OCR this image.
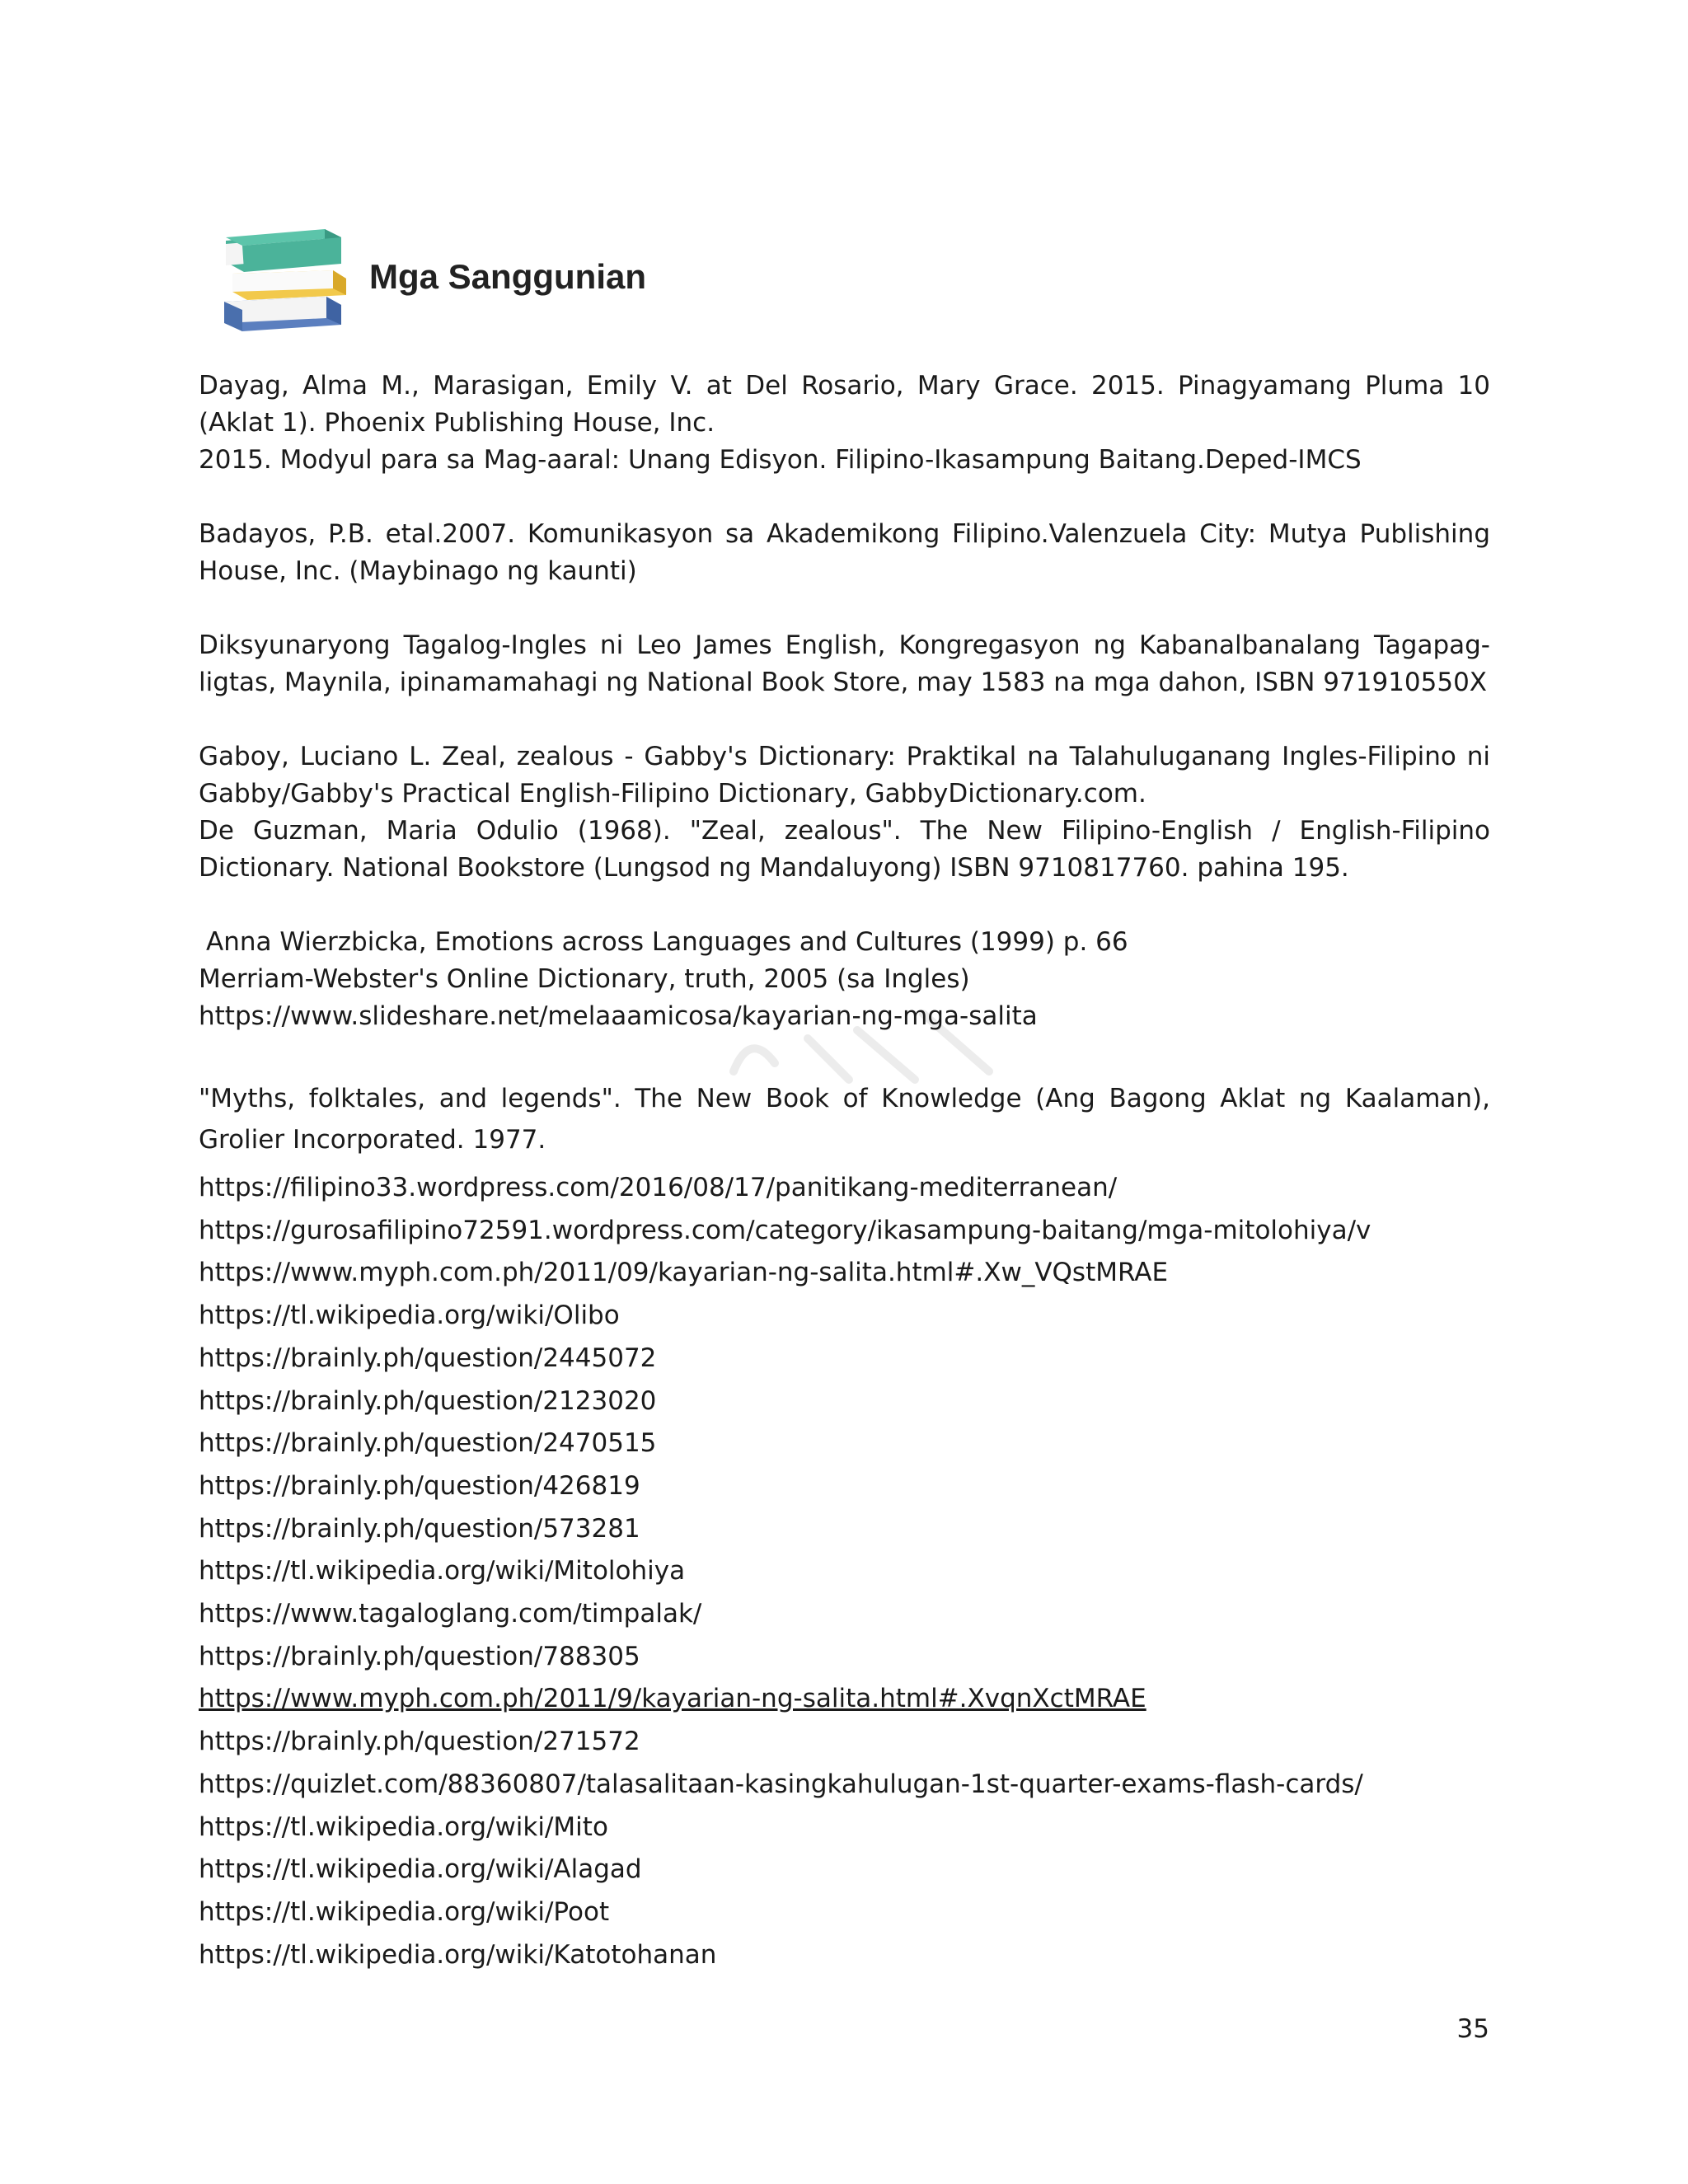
Mga Sanggunian

Dayag, Alma M., Marasigan, Emily V. at Del Rosario, Mary Grace. 2015. Pinagyamang Pluma 10 (Aklat 1). Phoenix Publishing House, Inc.

2015. Modyul para sa Mag-aaral: Unang Edisyon. Filipino-Ikasampung Baitang.Deped-IMCS

Badayos, P.B. etal.2007. Komunikasyon sa Akademikong Filipino.Valenzuela City: Mutya Publishing House, Inc. (Maybinago ng kaunti)

Diksyunaryong Tagalog-Ingles ni Leo James English, Kongregasyon ng Kabanalbanalang Tagapag-ligtas, Maynila, ipinamamahagi ng National Book Store, may 1583 na mga dahon, ISBN 971910550X

Gaboy, Luciano L. Zeal, zealous - Gabby's Dictionary: Praktikal na Talahuluganang Ingles-Filipino ni Gabby/Gabby's Practical English-Filipino Dictionary, GabbyDictionary.com.

De Guzman, Maria Odulio (1968). "Zeal, zealous". The New Filipino-English / English-Filipino Dictionary. National Bookstore (Lungsod ng Mandaluyong) ISBN 9710817760. pahina 195.

Anna Wierzbicka, Emotions across Languages and Cultures (1999) p. 66

Merriam-Webster's Online Dictionary, truth, 2005 (sa Ingles)

https://www.slideshare.net/melaaamicosa/kayarian-ng-mga-salita

"Myths, folktales, and legends". The New Book of Knowledge (Ang Bagong Aklat ng Kaalaman), Grolier Incorporated. 1977.

https://filipino33.wordpress.com/2016/08/17/panitikang-mediterranean/
https://gurosafilipino72591.wordpress.com/category/ikasampung-baitang/mga-mitolohiya/v
https://www.myph.com.ph/2011/09/kayarian-ng-salita.html#.Xw_VQstMRAE
https://tl.wikipedia.org/wiki/Olibo
https://brainly.ph/question/2445072
https://brainly.ph/question/2123020
https://brainly.ph/question/2470515
https://brainly.ph/question/426819
https://brainly.ph/question/573281
https://tl.wikipedia.org/wiki/Mitolohiya
https://www.tagaloglang.com/timpalak/
https://brainly.ph/question/788305
https://www.myph.com.ph/2011/9/kayarian-ng-salita.html#.XvqnXctMRAE
https://brainly.ph/question/271572
https://quizlet.com/88360807/talasalitaan-kasingkahulugan-1st-quarter-exams-flash-cards/
https://tl.wikipedia.org/wiki/Mito
https://tl.wikipedia.org/wiki/Alagad
https://tl.wikipedia.org/wiki/Poot
https://tl.wikipedia.org/wiki/Katotohanan
35
